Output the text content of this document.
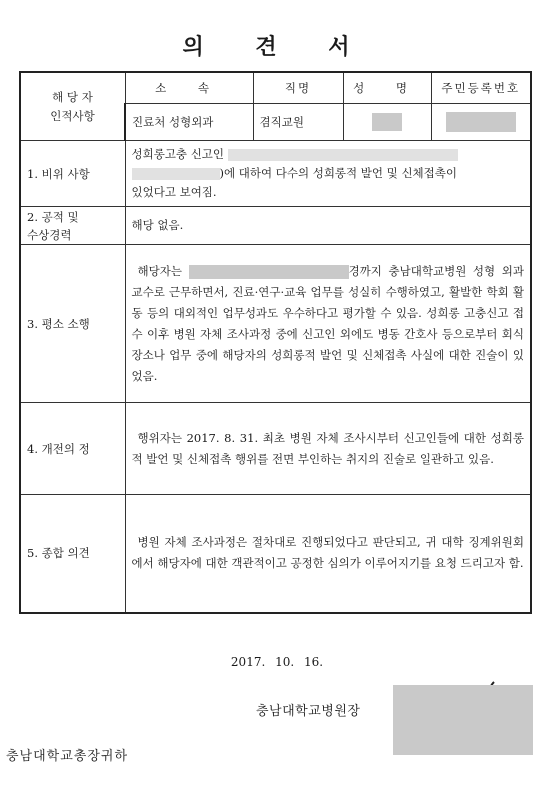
의 견 서
해 당 자
인적사항	소 속	직명	성 명	주민등록번호
	진료처 성형외과	겸직교원		
1. 비위 사항	성희롱고충 신고인

)에 대하여 다수의 성희롱적 발언 및 신체접촉이

있었다고 보여짐.			

2. 공적 및
수상경력	해당 없음.			
3. 평소 소행	해당자는 경까지 충남대학교병원 성형 외과 교수로 근무하면서, 진료·연구·교육 업무를 성실히 수행하였고, 활발한 학회 활동 등의 대외적인 업무성과도 우수하다고 평가할 수 있음. 성희롱 고충신고 접수 이후 병원 자체 조사과정 중에 신고인 외에도 병동 간호사 등으로부터 회식장소나 업무 중에 해당자의 성희롱적 발언 및 신체접촉 사실에 대한 진술이 있었음.			

4. 개전의 정	행위자는 2017. 8. 31. 최초 병원 자체 조사시부터 신고인들에 대한 성희롱적 발언 및 신체접촉 행위를 전면 부인하는 취지의 진술로 일관하고 있음.			
5. 종합 의견	병원 자체 조사과정은 절차대로 진행되었다고 판단되고, 귀 대학 징계위원회에서 해당자에 대한 객관적이고 공정한 심의가 이루어지기를 요청 드리고자 함.			
2017. 10. 16.
충남대학교병원장
충남대학교총장귀하
